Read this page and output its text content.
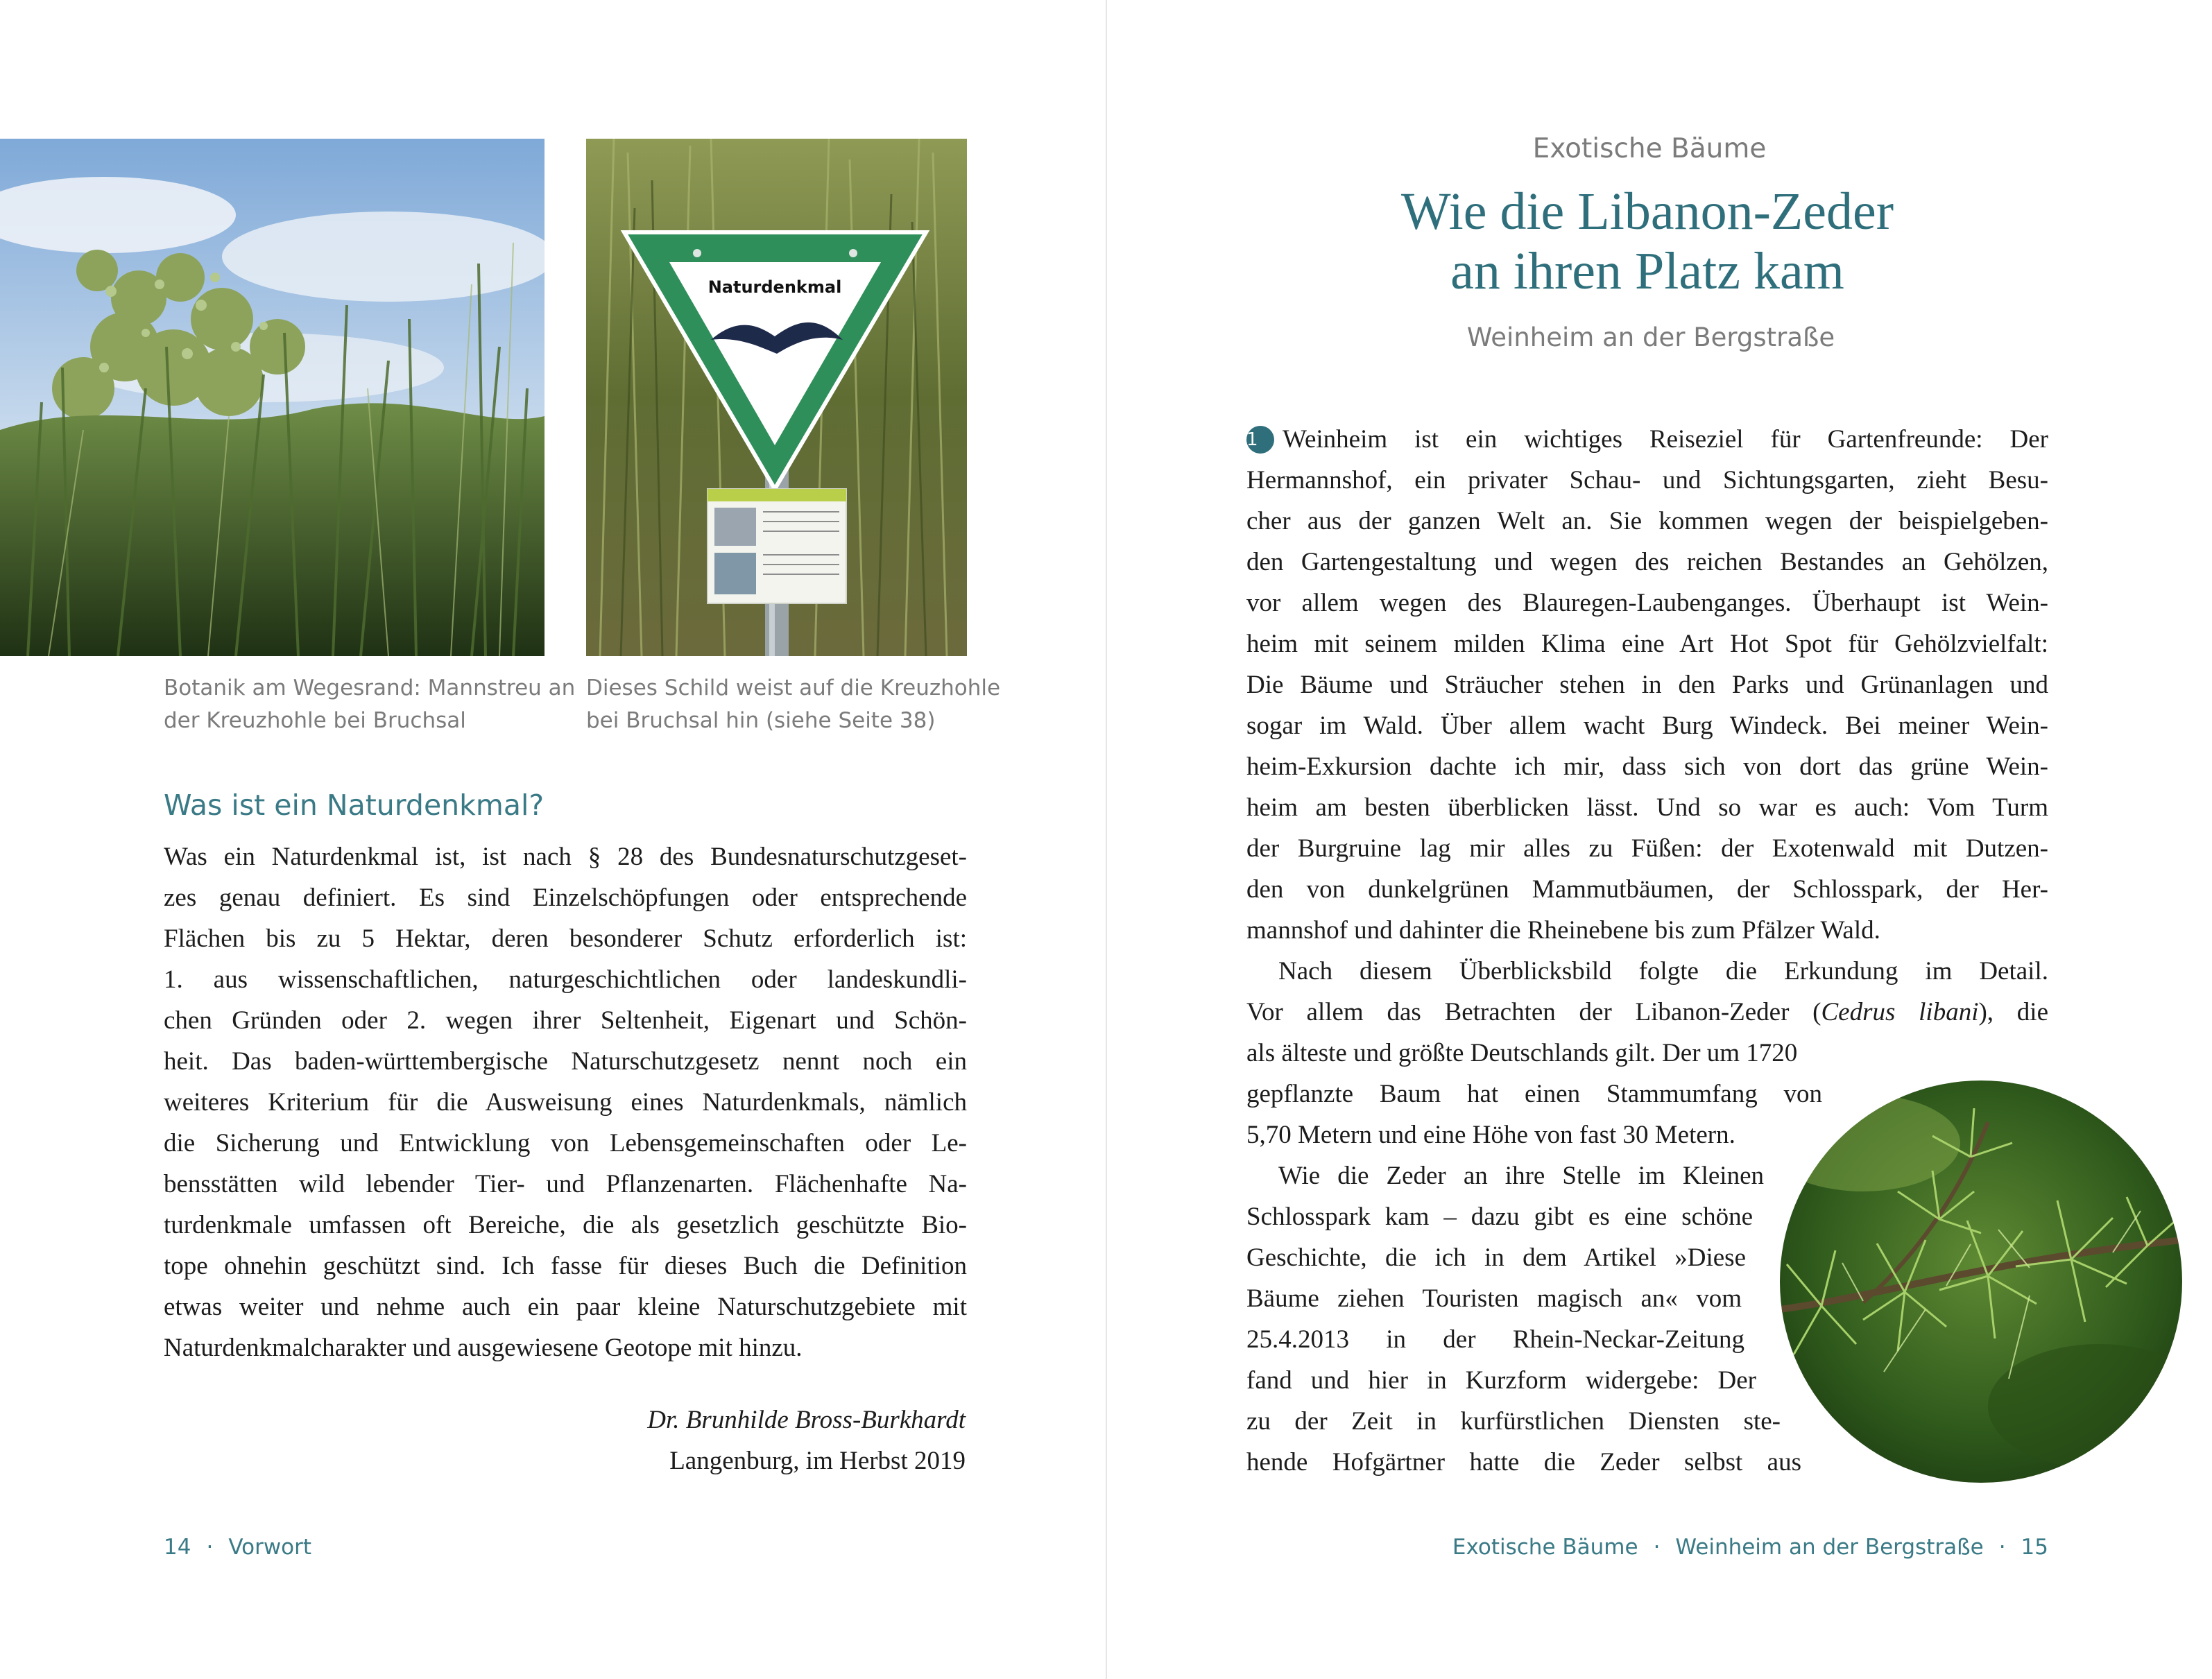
Naturdenkmal
Botanik am Wegesrand: Mannstreu an
der Kreuzhohle bei Bruchsal
Dieses Schild weist auf die Kreuzhohle
bei Bruchsal hin (siehe Seite 38)
Was ist ein Naturdenkmal?
Was ein Naturdenkmal ist, ist nach § 28 des Bundesnaturschutzgeset-
zes genau definiert. Es sind Einzelschöpfungen oder entsprechende
Flächen bis zu 5 Hektar, deren besonderer Schutz erforderlich ist:
1. aus wissenschaftlichen, naturgeschichtlichen oder landeskundli-
chen Gründen oder 2. wegen ihrer Seltenheit, Eigenart und Schön-
heit. Das baden-württembergische Naturschutzgesetz nennt noch ein
weiteres Kriterium für die Ausweisung eines Naturdenkmals, nämlich
die Sicherung und Entwicklung von Lebensgemeinschaften oder Le-
bensstätten wild lebender Tier- und Pflanzenarten. Flächenhafte Na-
turdenkmale umfassen oft Bereiche, die als gesetzlich geschützte Bio-
tope ohnehin geschützt sind. Ich fasse für dieses Buch die Definition
etwas weiter und nehme auch ein paar kleine Naturschutzgebiete mit
Naturdenkmalcharakter und ausgewiesene Geotope mit hinzu.
Dr. Brunhilde Bross-Burkhardt
Langenburg, im Herbst 2019
14 · Vorwort
Exotische Bäume
Wie die Libanon-Zeder
an ihren Platz kam
Weinheim an der Bergstraße
1 Weinheim ist ein wichtiges Reiseziel für Gartenfreunde: Der
Hermannshof, ein privater Schau- und Sichtungsgarten, zieht Besu-
cher aus der ganzen Welt an. Sie kommen wegen der beispielgeben-
den Gartengestaltung und wegen des reichen Bestandes an Gehölzen,
vor allem wegen des Blauregen-Laubenganges. Überhaupt ist Wein-
heim mit seinem milden Klima eine Art Hot Spot für Gehölzvielfalt:
Die Bäume und Sträucher stehen in den Parks und Grünanlagen und
sogar im Wald. Über allem wacht Burg Windeck. Bei meiner Wein-
heim-Exkursion dachte ich mir, dass sich von dort das grüne Wein-
heim am besten überblicken lässt. Und so war es auch: Vom Turm
der Burgruine lag mir alles zu Füßen: der Exotenwald mit Dutzen-
den von dunkelgrünen Mammutbäumen, der Schlosspark, der Her-
mannshof und dahinter die Rheinebene bis zum Pfälzer Wald.
Nach diesem Überblicksbild folgte die Erkundung im Detail.
Vor allem das Betrachten der Libanon-Zeder (Cedrus libani), die
als älteste und größte Deutschlands gilt. Der um 1720
gepflanzte Baum hat einen Stammumfang von
5,70 Metern und eine Höhe von fast 30 Metern.
Wie die Zeder an ihre Stelle im Kleinen
Schlosspark kam – dazu gibt es eine schöne
Geschichte, die ich in dem Artikel »Diese
Bäume ziehen Touristen magisch an« vom
25.4.2013 in der Rhein-Neckar-Zeitung
fand und hier in Kurzform widergebe: Der
zu der Zeit in kurfürstlichen Diensten ste-
hende Hofgärtner hatte die Zeder selbst aus
Exotische Bäume · Weinheim an der Bergstraße · 15
